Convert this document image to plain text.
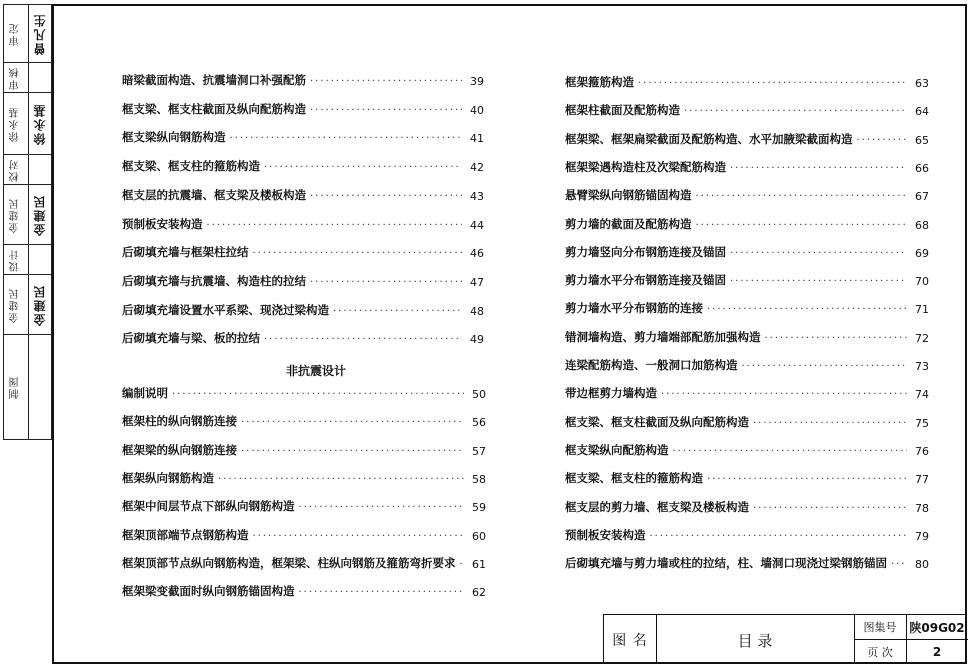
审定 曾凡生
审核
徐永基 徐永基
校对
金建民 金建民
设计
金建民 金建民
制图
暗梁截面构造、抗震墙洞口补强配筋 ·····	39
框支梁、框支柱截面及纵向配筋构造 ·····	40
框支梁纵向钢筋构造 ·····	41
框支梁、框支柱的箍筋构造 ·····	42
框支层的抗震墙、框支梁及楼板构造 ·····	43
预制板安装构造 ·····	44
后砌填充墙与框架柱拉结 ·····	46
后砌填充墙与抗震墙、构造柱的拉结 ·····	47
后砌填充墙设置水平系梁、现浇过梁构造 ·····	48
后砌填充墙与梁、板的拉结 ·····	49
非抗震设计
编制说明 ·····	50
框架柱的纵向钢筋连接 ·····	56
框架梁的纵向钢筋连接 ·····	57
框架纵向钢筋构造 ·····	58
框架中间层节点下部纵向钢筋构造 ·····	59
框架顶部端节点钢筋构造 ·····	60
框架顶部节点纵向钢筋构造，框架梁、柱纵向钢筋及箍筋弯折要求 ·····	61
框架梁变截面时纵向钢筋锚固构造 ·····	62
框架箍筋构造 ·····	63
框架柱截面及配筋构造 ·····	64
框架梁、框架扁梁截面及配筋构造、水平加腋梁截面构造 ·····	65
框架梁遇构造柱及次梁配筋构造 ·····	66
悬臂梁纵向钢筋锚固构造 ·····	67
剪力墙的截面及配筋构造 ·····	68
剪力墙竖向分布钢筋连接及锚固 ·····	69
剪力墙水平分布钢筋连接及锚固 ·····	70
剪力墙水平分布钢筋的连接 ·····	71
错洞墙构造、剪力墙端部配筋加强构造 ·····	72
连梁配筋构造、一般洞口加筋构造 ·····	73
带边框剪力墙构造 ·····	74
框支梁、框支柱截面及纵向配筋构造 ·····	75
框支梁纵向配筋构造 ·····	76
框支梁、框支柱的箍筋构造 ·····	77
框支层的剪力墙、框支梁及楼板构造 ·····	78
预制板安装构造 ·····	79
后砌填充墙与剪力墙或柱的拉结，柱、墙洞口现浇过梁钢筋锚固 ·····	80
图 名	目 录
图集号	陕09G02
页 次	2
